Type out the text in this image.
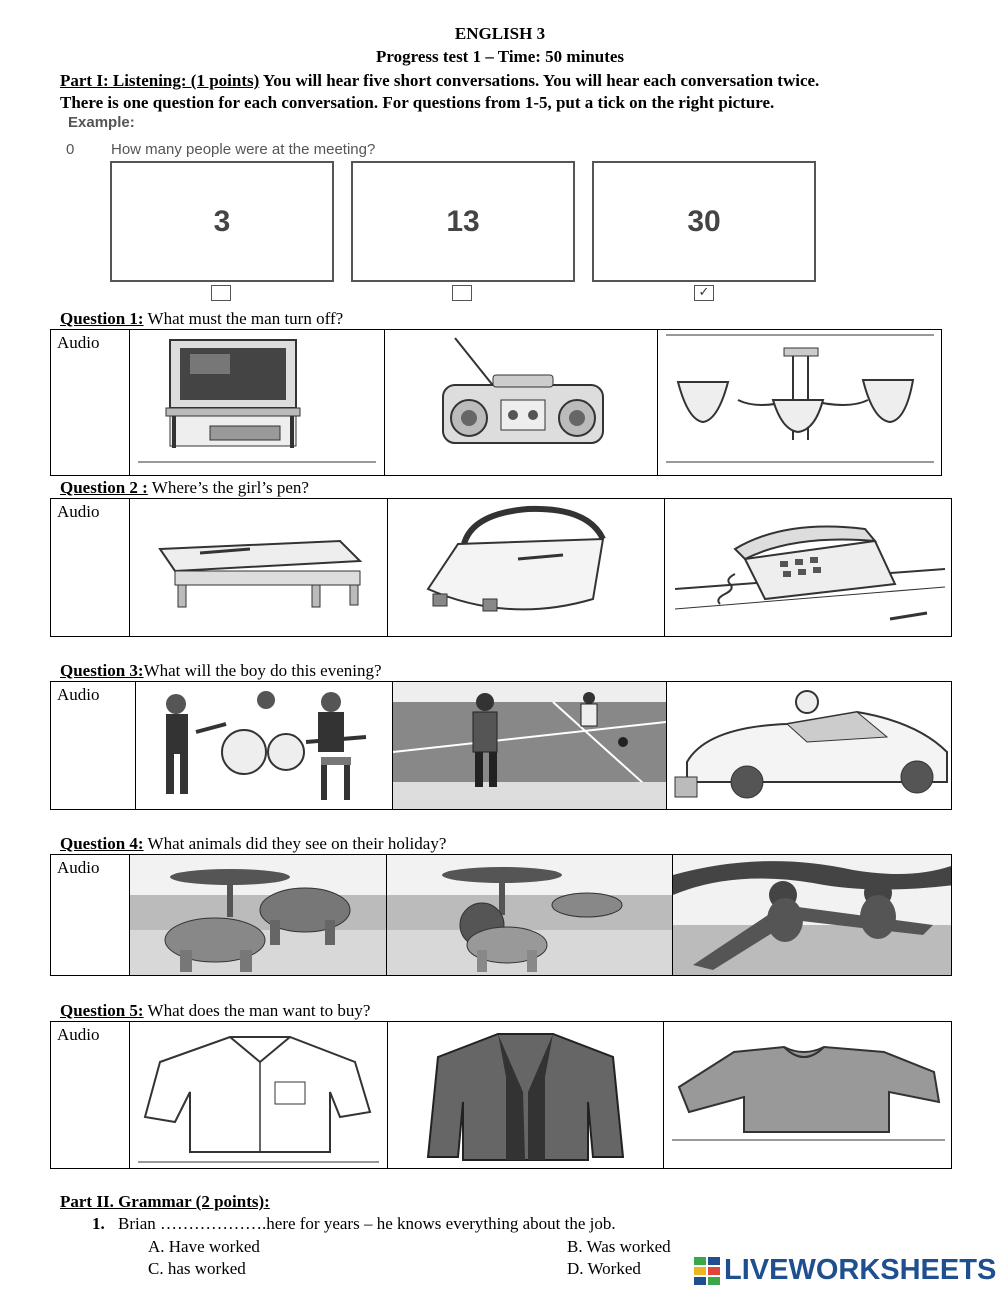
ENGLISH 3
Progress test 1 – Time: 50 minutes
Part I: Listening: (1 points) You will hear five short conversations. You will hear each conversation twice.
There is one question for each conversation. For questions from 1-5, put a tick on the right picture.
Example:
0 How many people were at the meeting?
3	13	30
✓
Question 1: What must the man turn off?
Audio
Question 2 : Where’s the girl’s pen?
Audio
Question 3:What will the boy do this evening?
Audio
Question 4: What animals did they see on their holiday?
Audio
Question 5: What does the man want to buy?
Audio
Part II. Grammar (2 points):
1. Brian ……………….here for years – he knows everything about the job.
A. Have worked	B. Was worked
C. has worked	D. Worked	LIVEWORKSHEETS
